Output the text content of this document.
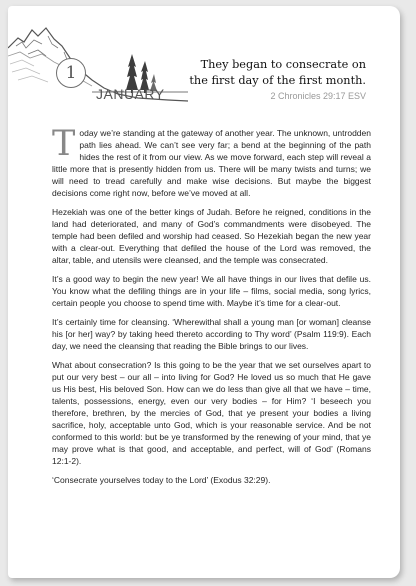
1
JANUARY
They began to consecrate on
the first day of the first month.
2 Chronicles 29:17 ESV

Today we’re standing at the gateway of another year. The unknown, untrodden path lies ahead. We can’t see very far; a bend at the beginning of the path hides the rest of it from our view. As we move forward, each step will reveal a little more that is presently hidden from us. There will be many twists and turns; we will need to tread carefully and make wise decisions. But maybe the biggest decisions come right now, before we’ve moved at all.

Hezekiah was one of the better kings of Judah. Before he reigned, conditions in the land had deteriorated, and many of God’s commandments were disobeyed. The temple had been defiled and worship had ceased. So Hezekiah began the new year with a clear-out. Everything that defiled the house of the Lord was removed, the altar, table, and utensils were cleansed, and the temple was consecrated.

It’s a good way to begin the new year! We all have things in our lives that defile us. You know what the defiling things are in your life – films, social media, song lyrics, certain people you choose to spend time with. Maybe it’s time for a clear-out.

It’s certainly time for cleansing. ‘Wherewithal shall a young man [or woman] cleanse his [or her] way? by taking heed thereto according to Thy word’ (Psalm 119:9). Each day, we need the cleansing that reading the Bible brings to our lives.

What about consecration? Is this going to be the year that we set ourselves apart to put our very best – our all – into living for God? He loved us so much that He gave us His best, His beloved Son. How can we do less than give all that we have – time, talents, possessions, energy, even our very bodies – for Him? ‘I beseech you therefore, brethren, by the mercies of God, that ye present your bodies a living sacrifice, holy, acceptable unto God, which is your reasonable service. And be not conformed to this world: but be ye transformed by the renewing of your mind, that ye may prove what is that good, and acceptable, and perfect, will of God’ (Romans 12:1-2).

‘Consecrate yourselves today to the Lord’ (Exodus 32:29).
